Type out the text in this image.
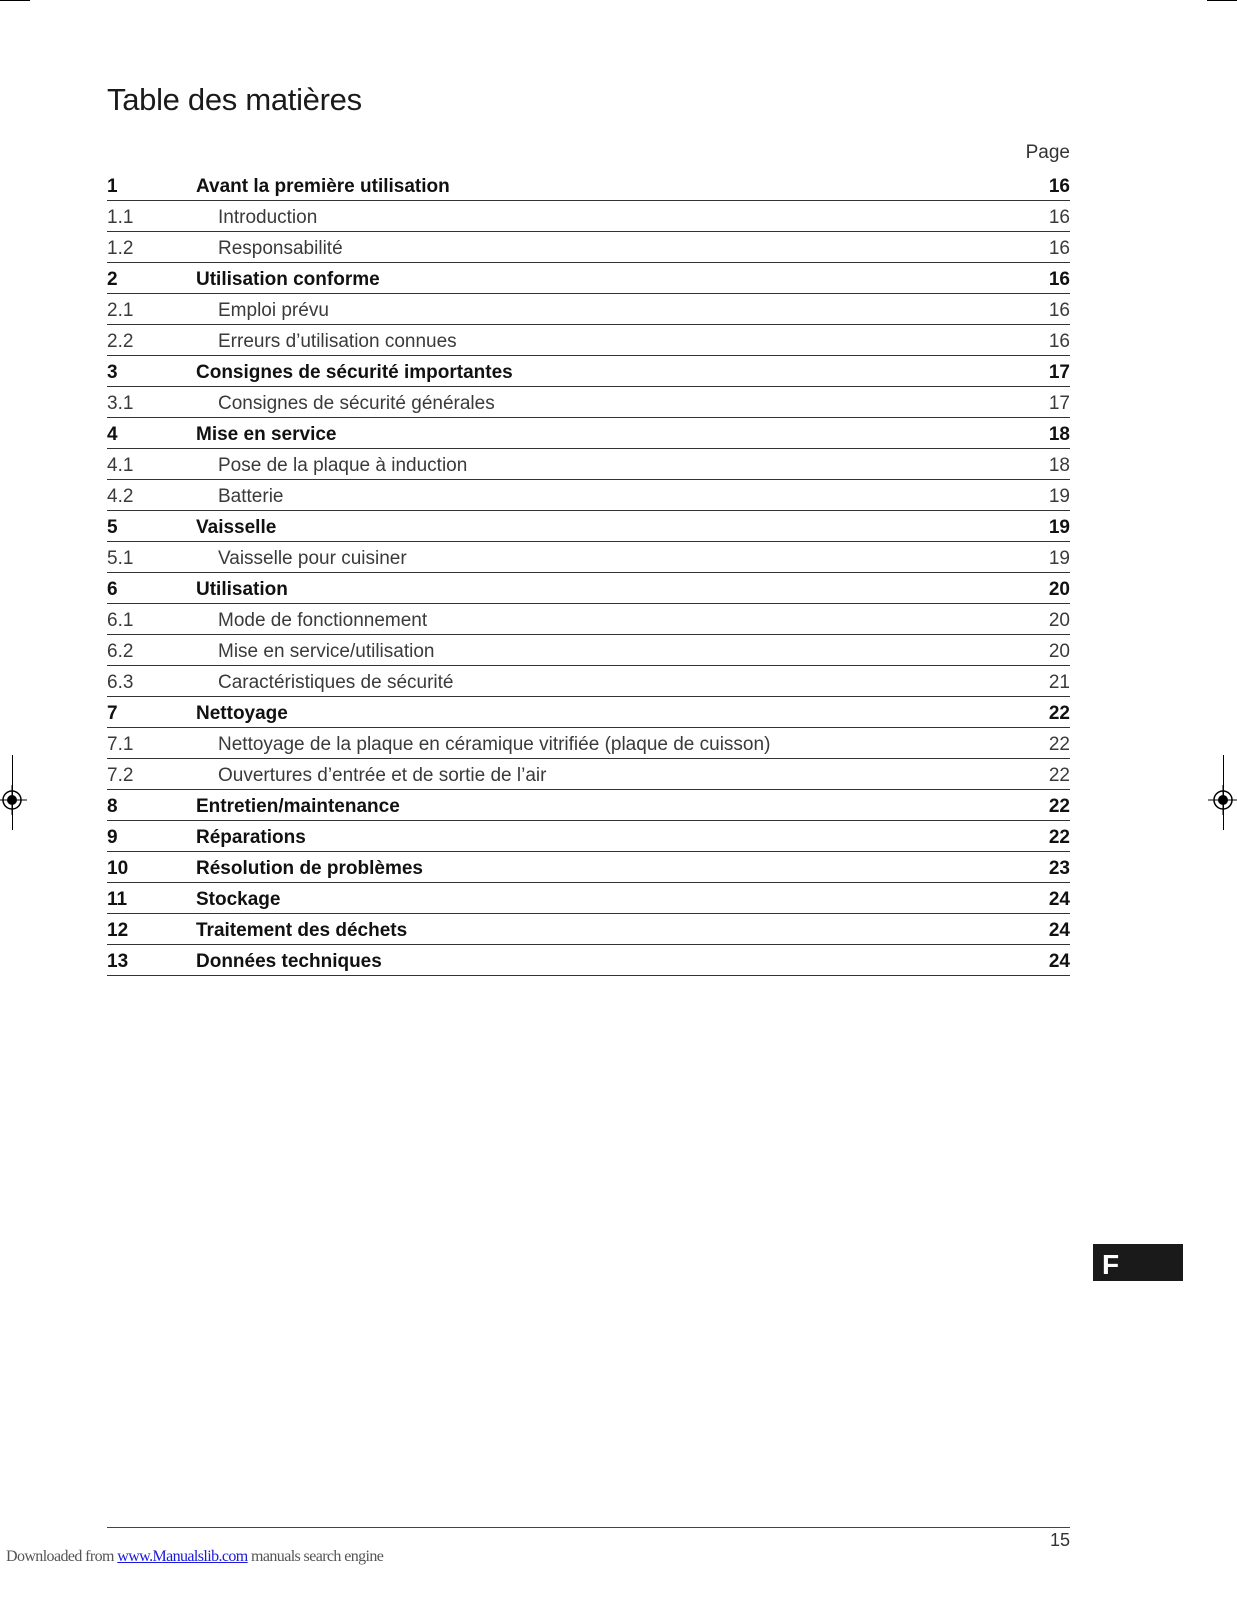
Table des matières
Page
1	Avant la première utilisation	16
1.1	Introduction	16
1.2	Responsabilité	16
2	Utilisation conforme	16
2.1	Emploi prévu	16
2.2	Erreurs d’utilisation connues	16
3	Consignes de sécurité importantes	17
3.1	Consignes de sécurité générales	17
4	Mise en service	18
4.1	Pose de la plaque à induction	18
4.2	Batterie	19
5	Vaisselle	19
5.1	Vaisselle pour cuisiner	19
6	Utilisation	20
6.1	Mode de fonctionnement	20
6.2	Mise en service/utilisation	20
6.3	Caractéristiques de sécurité	21
7	Nettoyage	22
7.1	Nettoyage de la plaque en céramique vitrifiée (plaque de cuisson)	22
7.2	Ouvertures d’entrée et de sortie de l’air	22
8	Entretien/maintenance	22
9	Réparations	22
10	Résolution de problèmes	23
11	Stockage	24
12	Traitement des déchets	24
13	Données techniques	24
F
15
Downloaded from www.Manualslib.com manuals search engine
